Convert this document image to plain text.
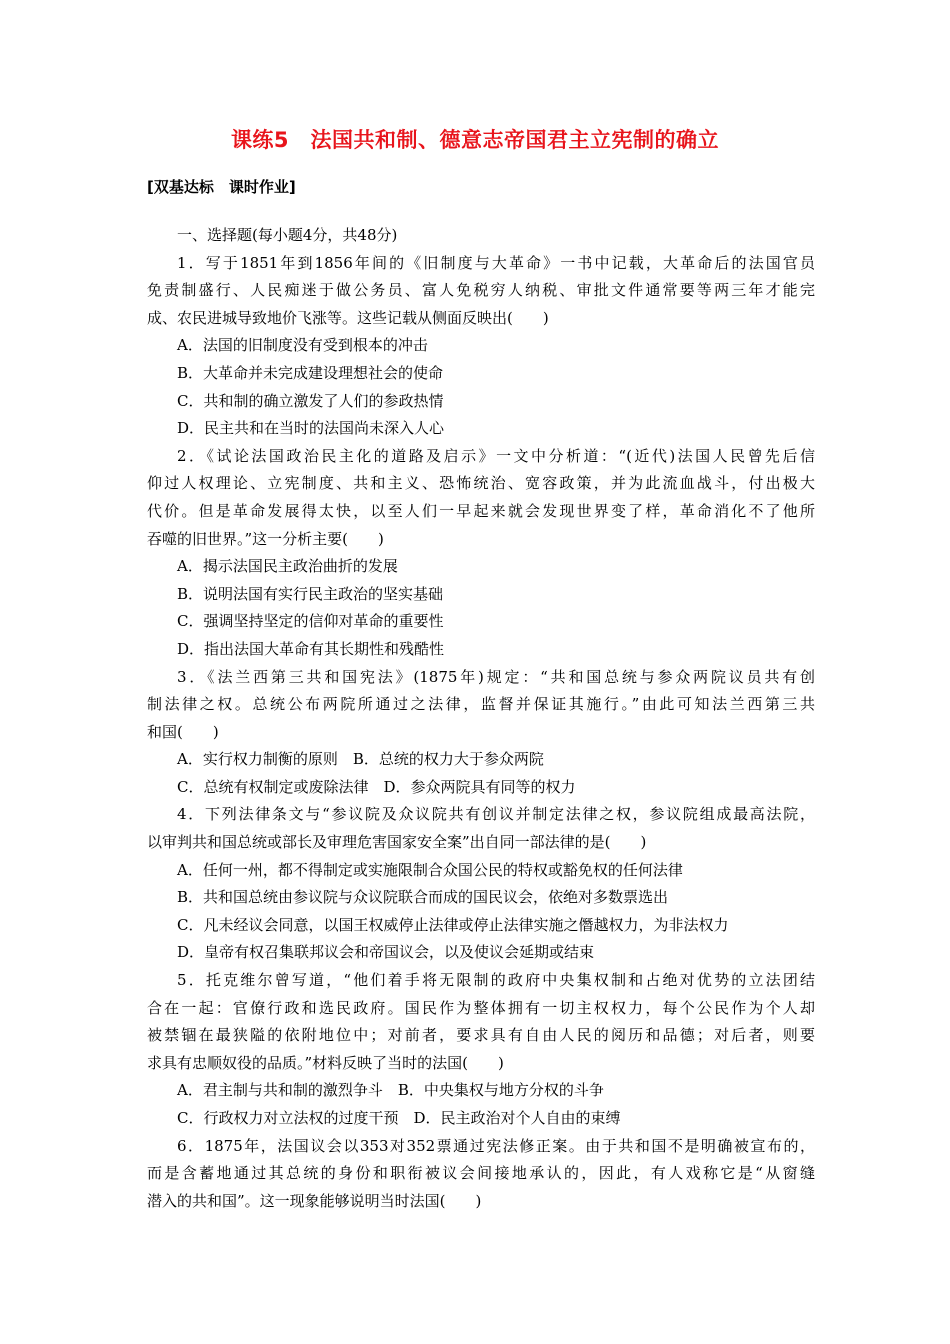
课练5　法国共和制、德意志帝国君主立宪制的确立
[双基达标　课时作业]
一、选择题(每小题4分，共48分)
1．写于1851年到1856年间的《旧制度与大革命》一书中记载，大革命后的法国官员
免责制盛行、人民痴迷于做公务员、富人免税穷人纳税、审批文件通常要等两三年才能完
成、农民进城导致地价飞涨等。这些记载从侧面反映出(　　)
A．法国的旧制度没有受到根本的冲击
B．大革命并未完成建设理想社会的使命
C．共和制的确立激发了人们的参政热情
D．民主共和在当时的法国尚未深入人心
2．《试论法国政治民主化的道路及启示》一文中分析道：“(近代)法国人民曾先后信
仰过人权理论、立宪制度、共和主义、恐怖统治、宽容政策，并为此流血战斗，付出极大
代价。但是革命发展得太快，以至人们一早起来就会发现世界变了样，革命消化不了他所
吞噬的旧世界。”这一分析主要(　　)
A．揭示法国民主政治曲折的发展
B．说明法国有实行民主政治的坚实基础
C．强调坚持坚定的信仰对革命的重要性
D．指出法国大革命有其长期性和残酷性
3．《法兰西第三共和国宪法》(1875年)规定：“共和国总统与参众两院议员共有创
制法律之权。总统公布两院所通过之法律，监督并保证其施行。”由此可知法兰西第三共
和国(　　)
A．实行权力制衡的原则　B．总统的权力大于参众两院
C．总统有权制定或废除法律　D．参众两院具有同等的权力
4．下列法律条文与“参议院及众议院共有创议并制定法律之权，参议院组成最高法院，
以审判共和国总统或部长及审理危害国家安全案”出自同一部法律的是(　　)
A．任何一州，都不得制定或实施限制合众国公民的特权或豁免权的任何法律
B．共和国总统由参议院与众议院联合而成的国民议会，依绝对多数票选出
C．凡未经议会同意，以国王权威停止法律或停止法律实施之僭越权力，为非法权力
D．皇帝有权召集联邦议会和帝国议会，以及使议会延期或结束
5．托克维尔曾写道，“他们着手将无限制的政府中央集权制和占绝对优势的立法团结
合在一起：官僚行政和选民政府。国民作为整体拥有一切主权权力，每个公民作为个人却
被禁锢在最狭隘的依附地位中；对前者，要求具有自由人民的阅历和品德；对后者，则要
求具有忠顺奴役的品质。”材料反映了当时的法国(　　)
A．君主制与共和制的激烈争斗　B．中央集权与地方分权的斗争
C．行政权力对立法权的过度干预　D．民主政治对个人自由的束缚
6．1875年，法国议会以353对352票通过宪法修正案。由于共和国不是明确被宣布的，
而是含蓄地通过其总统的身份和职衔被议会间接地承认的，因此，有人戏称它是“从窗缝
潜入的共和国”。这一现象能够说明当时法国(　　)
